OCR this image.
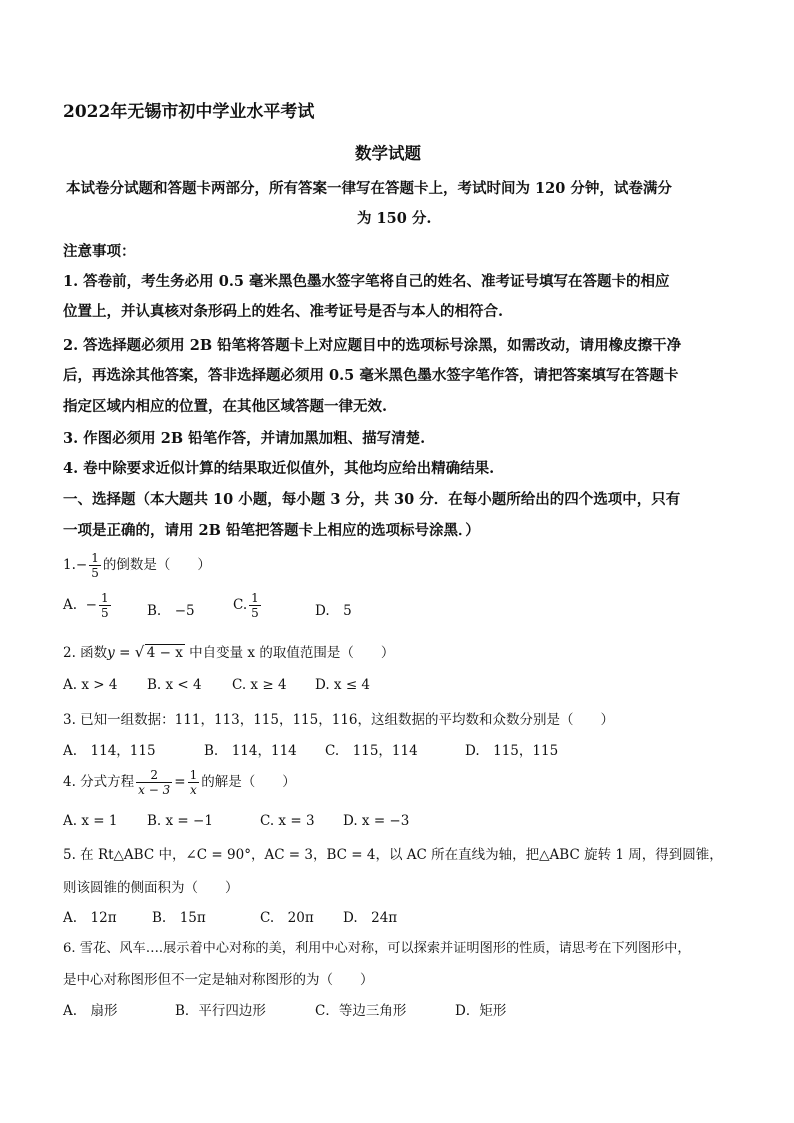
2022年无锡市初中学业水平考试
数学试题
本试卷分试题和答题卡两部分，所有答案一律写在答题卡上，考试时间为 120 分钟，试卷满分
为 150 分.
注意事项：
1. 答卷前，考生务必用 0.5 毫米黑色墨水签字笔将自己的姓名、准考证号填写在答题卡的相应
位置上，并认真核对条形码上的姓名、准考证号是否与本人的相符合.
2. 答选择题必须用 2B 铅笔将答题卡上对应题目中的选项标号涂黑，如需改动，请用橡皮擦干净
后，再选涂其他答案，答非选择题必须用 0.5 毫米黑色墨水签字笔作答，请把答案填写在答题卡
指定区域内相应的位置，在其他区域答题一律无效.
3. 作图必须用 2B 铅笔作答，并请加黑加粗、描写清楚.
4. 卷中除要求近似计算的结果取近似值外，其他均应给出精确结果.
一、选择题（本大题共 10 小题，每小题 3 分，共 30 分．在每小题所给出的四个选项中，只有
一项是正确的，请用 2B 铅笔把答题卡上相应的选项标号涂黑．）
$1.- \frac{1}{5}$ 的倒数是（　　）
A. − $\frac{1}{5}$	B.　−5	C. $\frac{1}{5}$	D.　5
2. 函数y = √ 4 − x 中自变量 x 的取值范围是（　　）
A. x > 4 B. x < 4 C. x ≥ 4 D. x ≤ 4
3. 已知一组数据：111，113，115，115，116，这组数据的平均数和众数分别是（　　）
A.　114，115	B.　114，114 C.　115，114	D.　115，115
4. 分式方程 $\frac{2}{x - 3} = \frac{1}{x}$ 的解是（　　）
A. x = 1 B. x = −1	C. x = 3 D. x = −3
5. 在 Rt△ABC 中，∠C = 90°，AC = 3，BC = 4，以 AC 所在直线为轴，把△ABC 旋转 1 周，得到圆锥，
则该圆锥的侧面积为（　　）
A.　12π	B.　15π	C.　20π D.　24π
6. 雪花、风车….展示着中心对称的美，利用中心对称，可以探索并证明图形的性质，请思考在下列图形中，
是中心对称图形但不一定是轴对称图形的为（　　）
A.　扇形	B．平行四边形	C．等边三角形	D．矩形
